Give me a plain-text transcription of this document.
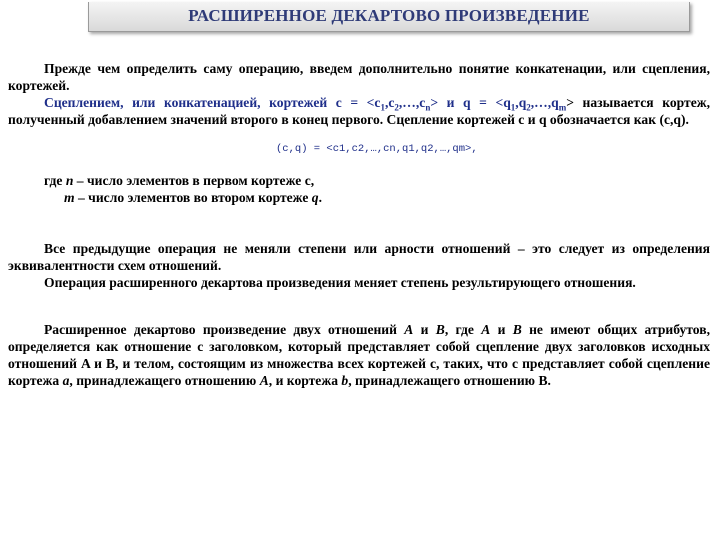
РАСШИРЕННОЕ ДЕКАРТОВО ПРОИЗВЕДЕНИЕ

Прежде чем определить саму операцию, введем дополнительно понятие конкатенации, или сцепления, кортежей.

Сцеплением, или конкатенацией, кортежей $c = <c_1,c_2,\dots,c_n> и$ $q = <q_1,q_2,\dots,q_m>$ называется кортеж, полученный добавлением значений второго в конец первого. Сцепление кортежей c и q обозначается как (c,q).

(c,q) = <c1,c2,…,cn,q1,q2,…,qm>,

где n – число элементов в первом кортеже c,

m – число элементов во втором кортеже q.

Все предыдущие операция не меняли степени или арности отношений – это следует из определения эквивалентности схем отношений.

Операция расширенного декартова произведения меняет степень результирующего отношения.

Расширенное декартово произведение двух отношений A и B, где A и B не имеют общих атрибутов, определяется как отношение с заголовком, который представляет собой сцепление двух заголовков исходных отношений A и B, и телом, состоящим из множества всех кортежей c, таких, что c представляет собой сцепление кортежа a, принадлежащего отношению A, и кортежа b, принадлежащего отношению B.
